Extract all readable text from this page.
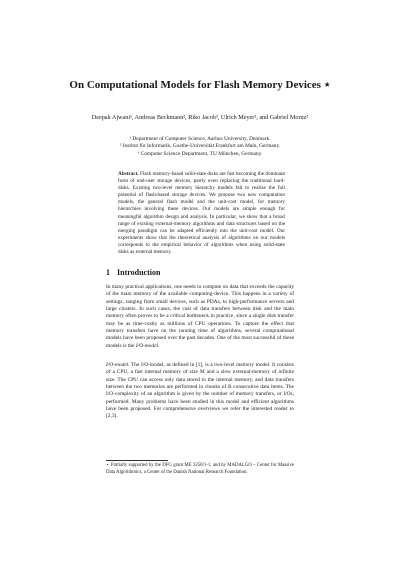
On Computational Models for Flash Memory Devices ⋆
Deepak Ajwani¹, Andreas Beckmann², Riko Jacob³, Ulrich Meyer², and Gabriel Moruz²
¹ Department of Computer Science, Aarhus University, Denmark.
² Institut für Informatik, Goethe-Universität Frankfurt am Main, Germany.
³ Computer Science Department, TU München, Germany.
Abstract. Flash memory-based solid-state disks are fast becoming the dominant form of end-user storage devices, partly even replacing the traditional hard-disks. Existing two-level memory hierarchy models fail to realize the full potential of flash-based storage devices. We propose two new computation models, the general flash model and the unit-cost model, for memory hierarchies involving these devices. Our models are simple enough for meaningful algorithm design and analysis. In particular, we show that a broad range of existing external-memory algorithms and data structures based on the merging paradigm can be adapted efficiently into the unit-cost model. Our experiments show that the theoretical analysis of algorithms on our models corresponds to the empirical behavior of algorithms when using solid-state disks as external memory.
1 Introduction
In many practical applications, one needs to compute on data that exceeds the capacity of the main memory of the available computing-device. This happens in a variety of settings, ranging from small devices, such as PDAs, to high-performance servers and large clusters. In such cases, the cost of data transfers between disk and the main memory often proves to be a critical bottleneck in practice, since a single disk transfer may be as time-costly as millions of CPU operations. To capture the effect that memory transfers have on the running time of algorithms, several computational models have been proposed over the past decades. One of the most successful of these models is the I/O-model.
I/O-model. The I/O-model, as defined in [1], is a two-level memory model. It consists of a CPU, a fast internal memory of size M and a slow external-memory of infinite size. The CPU can access only data stored in the internal memory, and data transfers between the two memories are performed in chunks of B consecutive data items. The I/O-complexity of an algorithm is given by the number of memory transfers, or I/Os, performed. Many problems have been studied in this model and efficient algorithms have been proposed. For comprehensive overviews we refer the interested reader to [2,3].
⋆ Partially supported by the DFG grant ME 3250/1-1, and by MADALGO – Center for Massive Data Algorithmics, a Center of the Danish National Research Foundation.
